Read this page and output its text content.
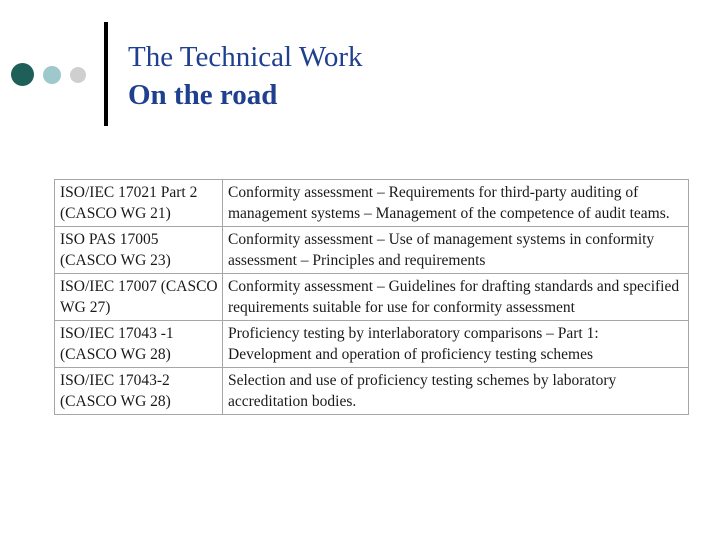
The Technical Work
On the road
ISO/IEC 17021 Part 2 (CASCO WG 21)	Conformity assessment – Requirements for third-party auditing of management systems – Management of the competence of audit teams.
ISO PAS 17005 (CASCO WG 23)	Conformity assessment – Use of management systems in conformity assessment – Principles and requirements
ISO/IEC 17007 (CASCO WG 27)	Conformity assessment – Guidelines for drafting standards and specified requirements suitable for use for conformity assessment
ISO/IEC 17043 -1 (CASCO WG 28)	Proficiency testing by interlaboratory comparisons – Part 1: Development and operation of proficiency testing schemes
ISO/IEC 17043-2 (CASCO WG 28)	Selection and use of proficiency testing schemes by laboratory accreditation bodies.
